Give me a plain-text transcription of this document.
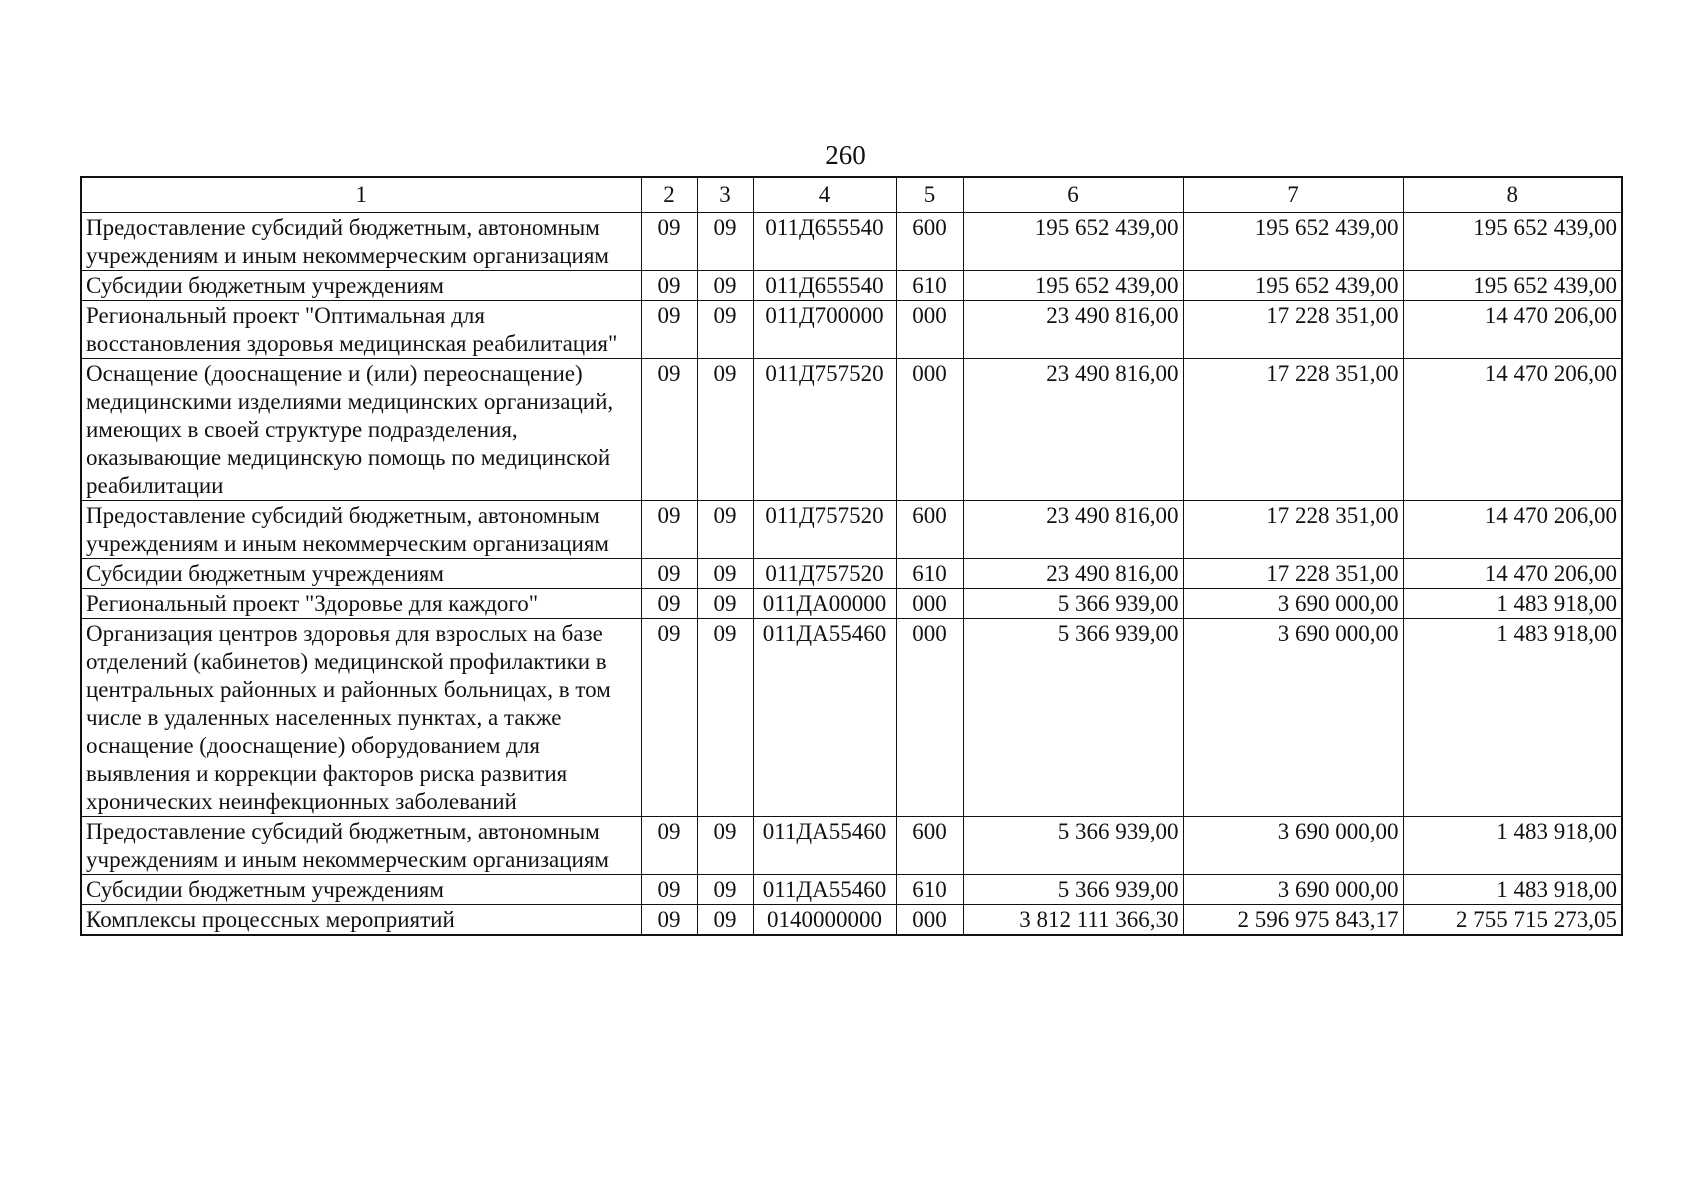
260
1	2	3	4	5	6	7	8
Предоставление субсидий бюджетным, автономным учреждениям и иным некоммерческим организациям	09	09	011Д655540	600	195 652 439,00	195 652 439,00	195 652 439,00
Субсидии бюджетным учреждениям	09	09	011Д655540	610	195 652 439,00	195 652 439,00	195 652 439,00
Региональный проект "Оптимальная для восстановления здоровья медицинская реабилитация"	09	09	011Д700000	000	23 490 816,00	17 228 351,00	14 470 206,00
Оснащение (дооснащение и (или) переоснащение) медицинскими изделиями медицинских организаций, имеющих в своей структуре подразделения, оказывающие медицинскую помощь по медицинской реабилитации	09	09	011Д757520	000	23 490 816,00	17 228 351,00	14 470 206,00
Предоставление субсидий бюджетным, автономным учреждениям и иным некоммерческим организациям	09	09	011Д757520	600	23 490 816,00	17 228 351,00	14 470 206,00
Субсидии бюджетным учреждениям	09	09	011Д757520	610	23 490 816,00	17 228 351,00	14 470 206,00
Региональный проект "Здоровье для каждого"	09	09	011ДА00000	000	5 366 939,00	3 690 000,00	1 483 918,00
Организация центров здоровья для взрослых на базе отделений (кабинетов) медицинской профилактики в центральных районных и районных больницах, в том числе в удаленных населенных пунктах, а также оснащение (дооснащение) оборудованием для выявления и коррекции факторов риска развития хронических неинфекционных заболеваний	09	09	011ДА55460	000	5 366 939,00	3 690 000,00	1 483 918,00
Предоставление субсидий бюджетным, автономным учреждениям и иным некоммерческим организациям	09	09	011ДА55460	600	5 366 939,00	3 690 000,00	1 483 918,00
Субсидии бюджетным учреждениям	09	09	011ДА55460	610	5 366 939,00	3 690 000,00	1 483 918,00
Комплексы процессных мероприятий	09	09	0140000000	000	3 812 111 366,30	2 596 975 843,17	2 755 715 273,05
